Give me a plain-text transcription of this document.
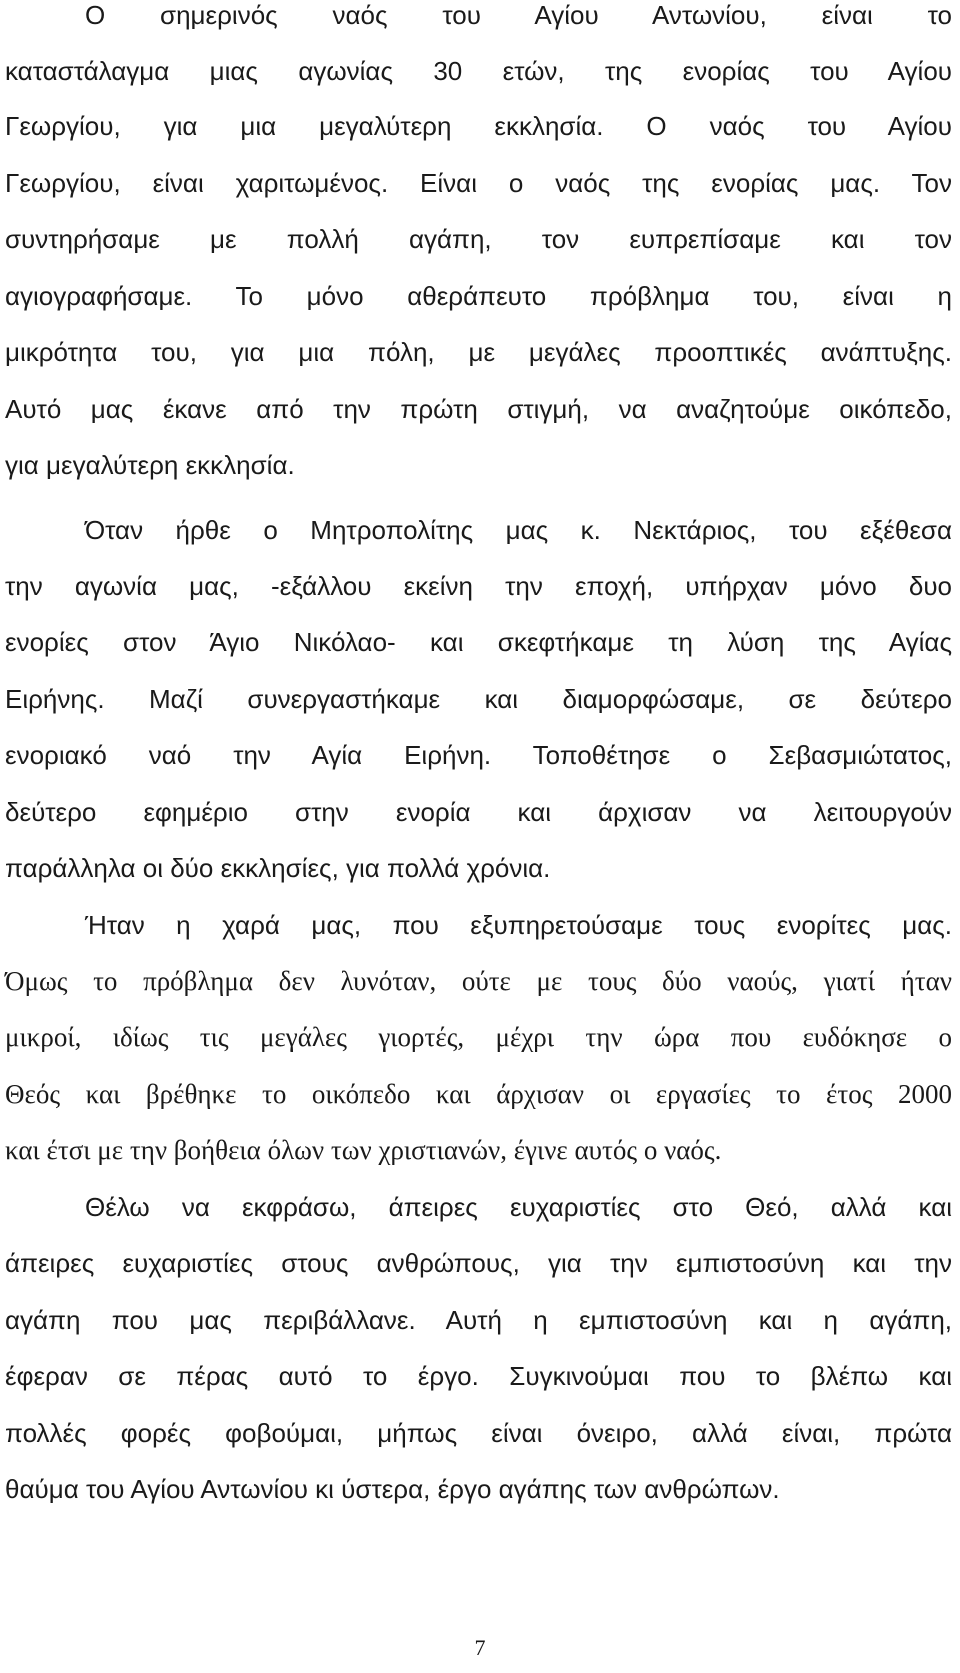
Ο σημερινός ναός του Αγίου Αντωνίου, είναι το
καταστάλαγμα μιας αγωνίας 30 ετών, της ενορίας του Αγίου
Γεωργίου, για μια μεγαλύτερη εκκλησία. Ο ναός του Αγίου
Γεωργίου, είναι χαριτωμένος. Είναι ο ναός της ενορίας μας. Τον
συντηρήσαμε με πολλή αγάπη, τον ευπρεπίσαμε και τον
αγιογραφήσαμε. Το μόνο αθεράπευτο πρόβλημα του, είναι η
μικρότητα του, για μια πόλη, με μεγάλες προοπτικές ανάπτυξης.
Αυτό μας έκανε από την πρώτη στιγμή, να αναζητούμε οικόπεδο,
για μεγαλύτερη εκκλησία.
Όταν ήρθε ο Μητροπολίτης μας κ. Νεκτάριος, του εξέθεσα
την αγωνία μας, -εξάλλου εκείνη την εποχή, υπήρχαν μόνο δυο
ενορίες στον Άγιο Νικόλαο- και σκεφτήκαμε τη λύση της Αγίας
Ειρήνης. Μαζί συνεργαστήκαμε και διαμορφώσαμε, σε δεύτερο
ενοριακό ναό την Αγία Ειρήνη. Τοποθέτησε ο Σεβασμιώτατος,
δεύτερο εφημέριο στην ενορία και άρχισαν να λειτουργούν
παράλληλα οι δύο εκκλησίες, για πολλά χρόνια.
Ήταν η χαρά μας, που εξυπηρετούσαμε τους ενορίτες μας.
Όμως το πρόβλημα δεν λυνόταν, ούτε με τους δύο ναούς, γιατί ήταν
μικροί, ιδίως τις μεγάλες γιορτές, μέχρι την ώρα που ευδόκησε ο
Θεός και βρέθηκε το οικόπεδο και άρχισαν οι εργασίες το έτος 2000
και έτσι με την βοήθεια όλων των χριστιανών, έγινε αυτός ο ναός.
Θέλω να εκφράσω, άπειρες ευχαριστίες στο Θεό, αλλά και
άπειρες ευχαριστίες στους ανθρώπους, για την εμπιστοσύνη και την
αγάπη που μας περιβάλλανε. Αυτή η εμπιστοσύνη και η αγάπη,
έφεραν σε πέρας αυτό το έργο. Συγκινούμαι που το βλέπω και
πολλές φορές φοβούμαι, μήπως είναι όνειρο, αλλά είναι, πρώτα
θαύμα του Αγίου Αντωνίου κι ύστερα, έργο αγάπης των ανθρώπων.
7
